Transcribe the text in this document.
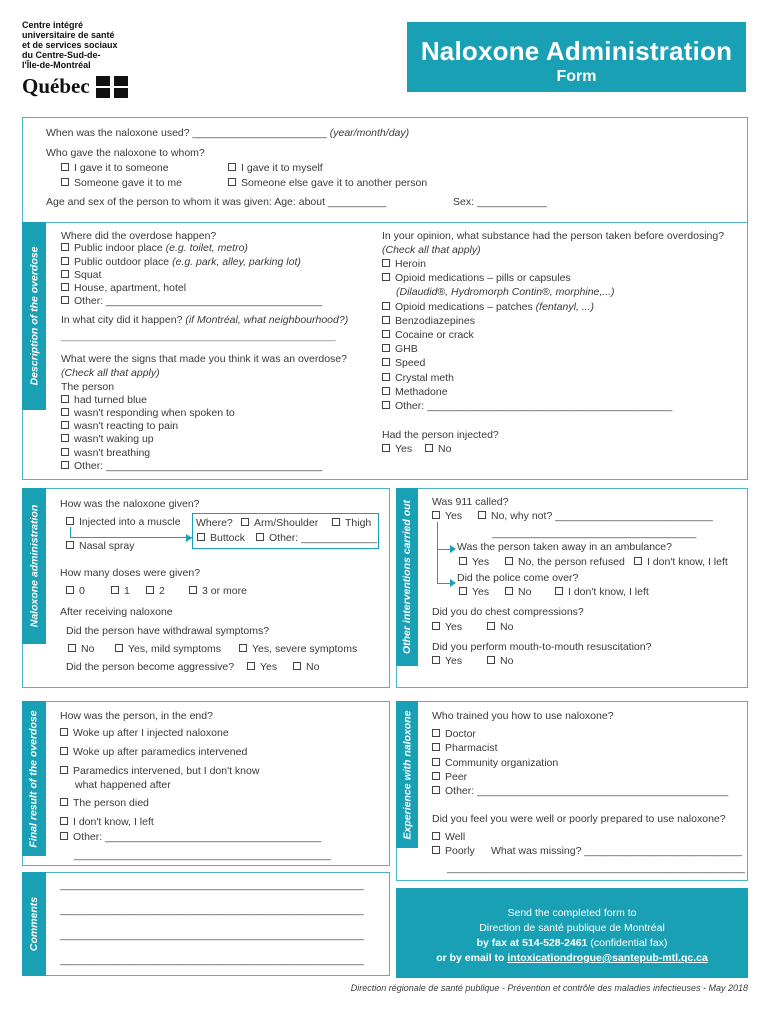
Centre intégré
universitaire de santé
et de services sociaux
du Centre-Sud-de-
l'Île-de-Montréal
Québec
Naloxone Administration
Form
When was the naloxone used? _______________________ (year/month/day)
Who gave the naloxone to whom?
I gave it to someone	I gave it to myself
Someone gave it to me	Someone else gave it to another person
Age and sex of the person to whom it was given: Age: about __________	Sex: ____________
Description of the overdose
Where did the overdose happen?
Public indoor place (e.g. toilet, metro)
Public outdoor place (e.g. park, alley, parking lot)
Squat
House, apartment, hotel
Other: _____________________________________
In what city did it happen? (if Montréal, what neighbourhood?)
_______________________________________________
What were the signs that made you think it was an overdose?
(Check all that apply)
The person
had turned blue
wasn't responding when spoken to
wasn't reacting to pain
wasn't waking up
wasn't breathing
Other: _____________________________________
In your opinion, what substance had the person taken before overdosing?
(Check all that apply)
Heroin
Opioid medications – pills or capsules
(Dilaudid®, Hydromorph Contin®, morphine,...)
Opioid medications – patches (fentanyl, ...)
Benzodiazepines
Cocaine or crack
GHB
Speed
Crystal meth
Methadone
Other: __________________________________________
Had the person injected?
Yes	No
Naloxone administration
How was the naloxone given?
Injected into a muscle Where?	Arm/Shoulder	Thigh
Buttock	Other: _____________
Nasal spray
How many doses were given?
0	1	2	3 or more
After receiving naloxone
Did the person have withdrawal symptoms?
No	Yes, mild symptoms	Yes, severe symptoms
Did the person become aggressive?	Yes	No
Other interventions carried out Was 911 called?
Yes	No, why not? ___________________________
___________________________________
Was the person taken away in an ambulance?
Yes	No, the person refused	I don't know, I left
Did the police come over?
Yes	No	I don't know, I left
Did you do chest compressions?
Yes	No
Did you perform mouth-to-mouth resuscitation?
Yes	No
Final result of the overdose How was the person, in the end?
Woke up after I injected naloxone
Woke up after paramedics intervened
Paramedics intervened, but I don't know
what happened after
The person died
I don't know, I left
Other: _____________________________________
____________________________________________
Experience with naloxone Who trained you how to use naloxone?
Doctor
Pharmacist
Community organization
Peer
Other: ___________________________________________
Did you feel you were well or poorly prepared to use naloxone?
Well
Poorly What was missing? ___________________________
___________________________________________________
Comments
____________________________________________________
____________________________________________________
____________________________________________________
____________________________________________________
Send the completed form to
Direction de santé publique de Montréal
by fax at 514-528-2461 (confidential fax)
or by email to intoxicationdrogue@santepub-mtl.qc.ca
Direction régionale de santé publique - Prévention et contrôle des maladies infectieuses - May 2018
